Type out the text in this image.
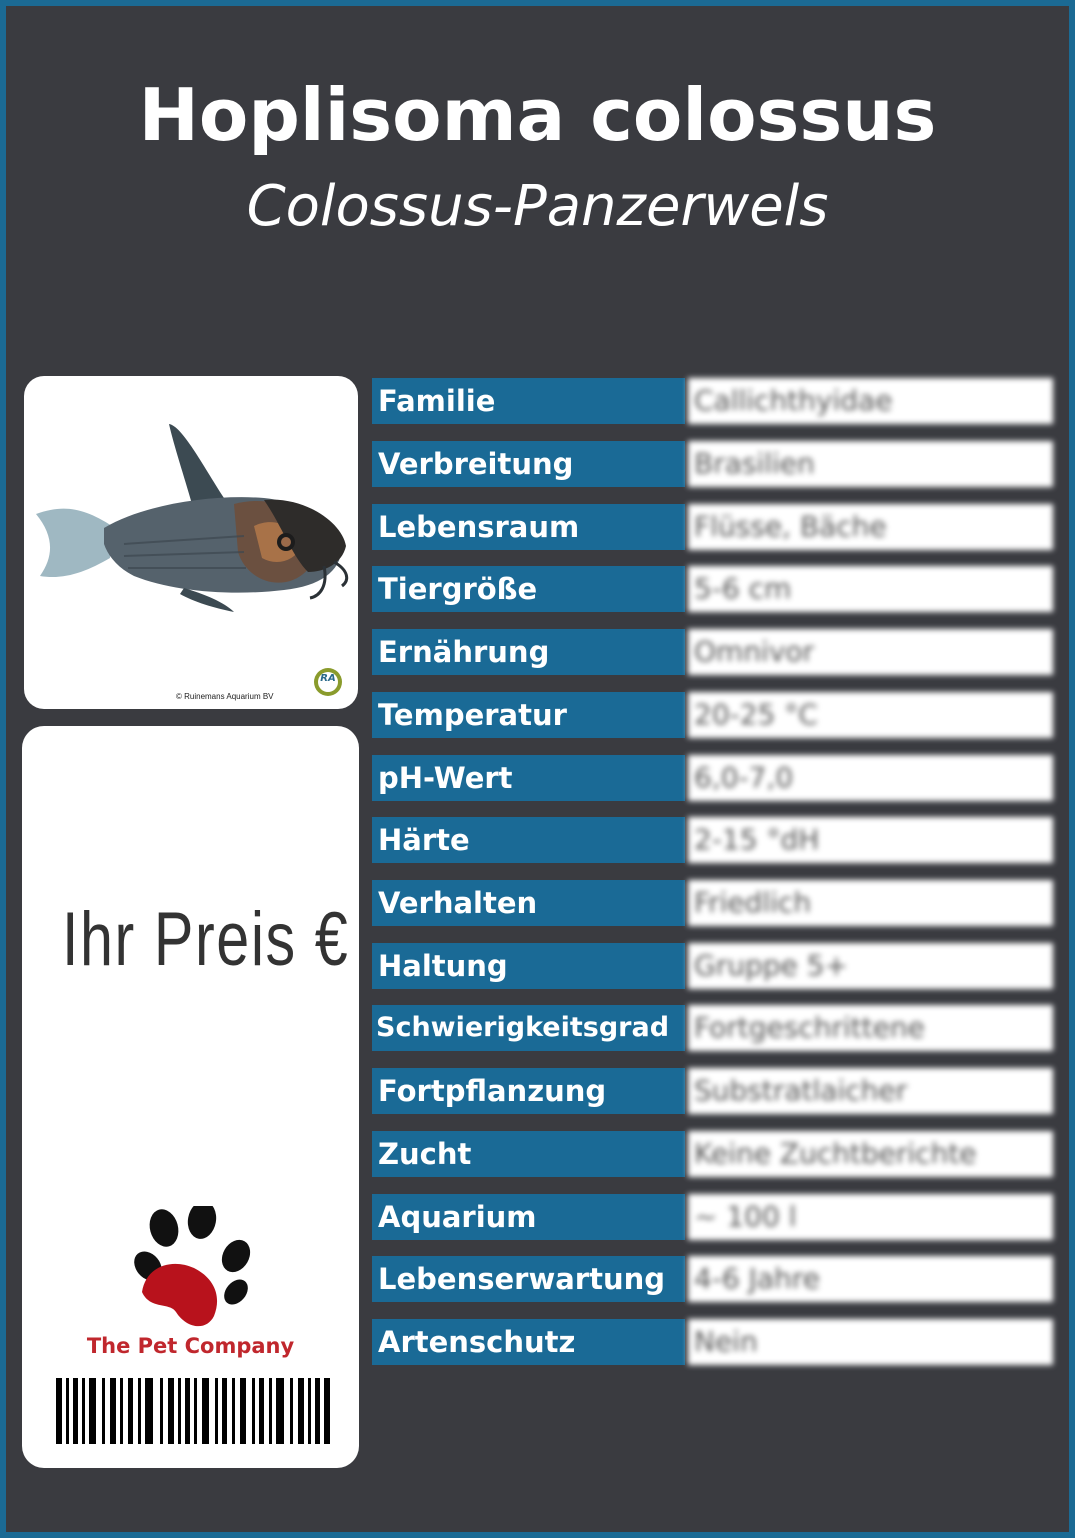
Hoplisoma colossus
Colossus-Panzerwels
RA
© Ruinemans Aquarium BV
Ihr Preis €
The Pet Company
Familie	Callichthyidae
Verbreitung	Brasilien
Lebensraum	Flüsse, Bäche
Tiergröße	5-6 cm
Ernährung	Omnivor
Temperatur	20-25 °C
pH-Wert	6,0-7,0
Härte	2-15 °dH
Verhalten	Friedlich
Haltung	Gruppe 5+
Schwierigkeitsgrad Fortgeschrittene
Fortpflanzung	Substratlaicher
Zucht	Keine Zuchtberichte
Aquarium	~ 100 l
Lebenserwartung	4-6 Jahre
Artenschutz	Nein
